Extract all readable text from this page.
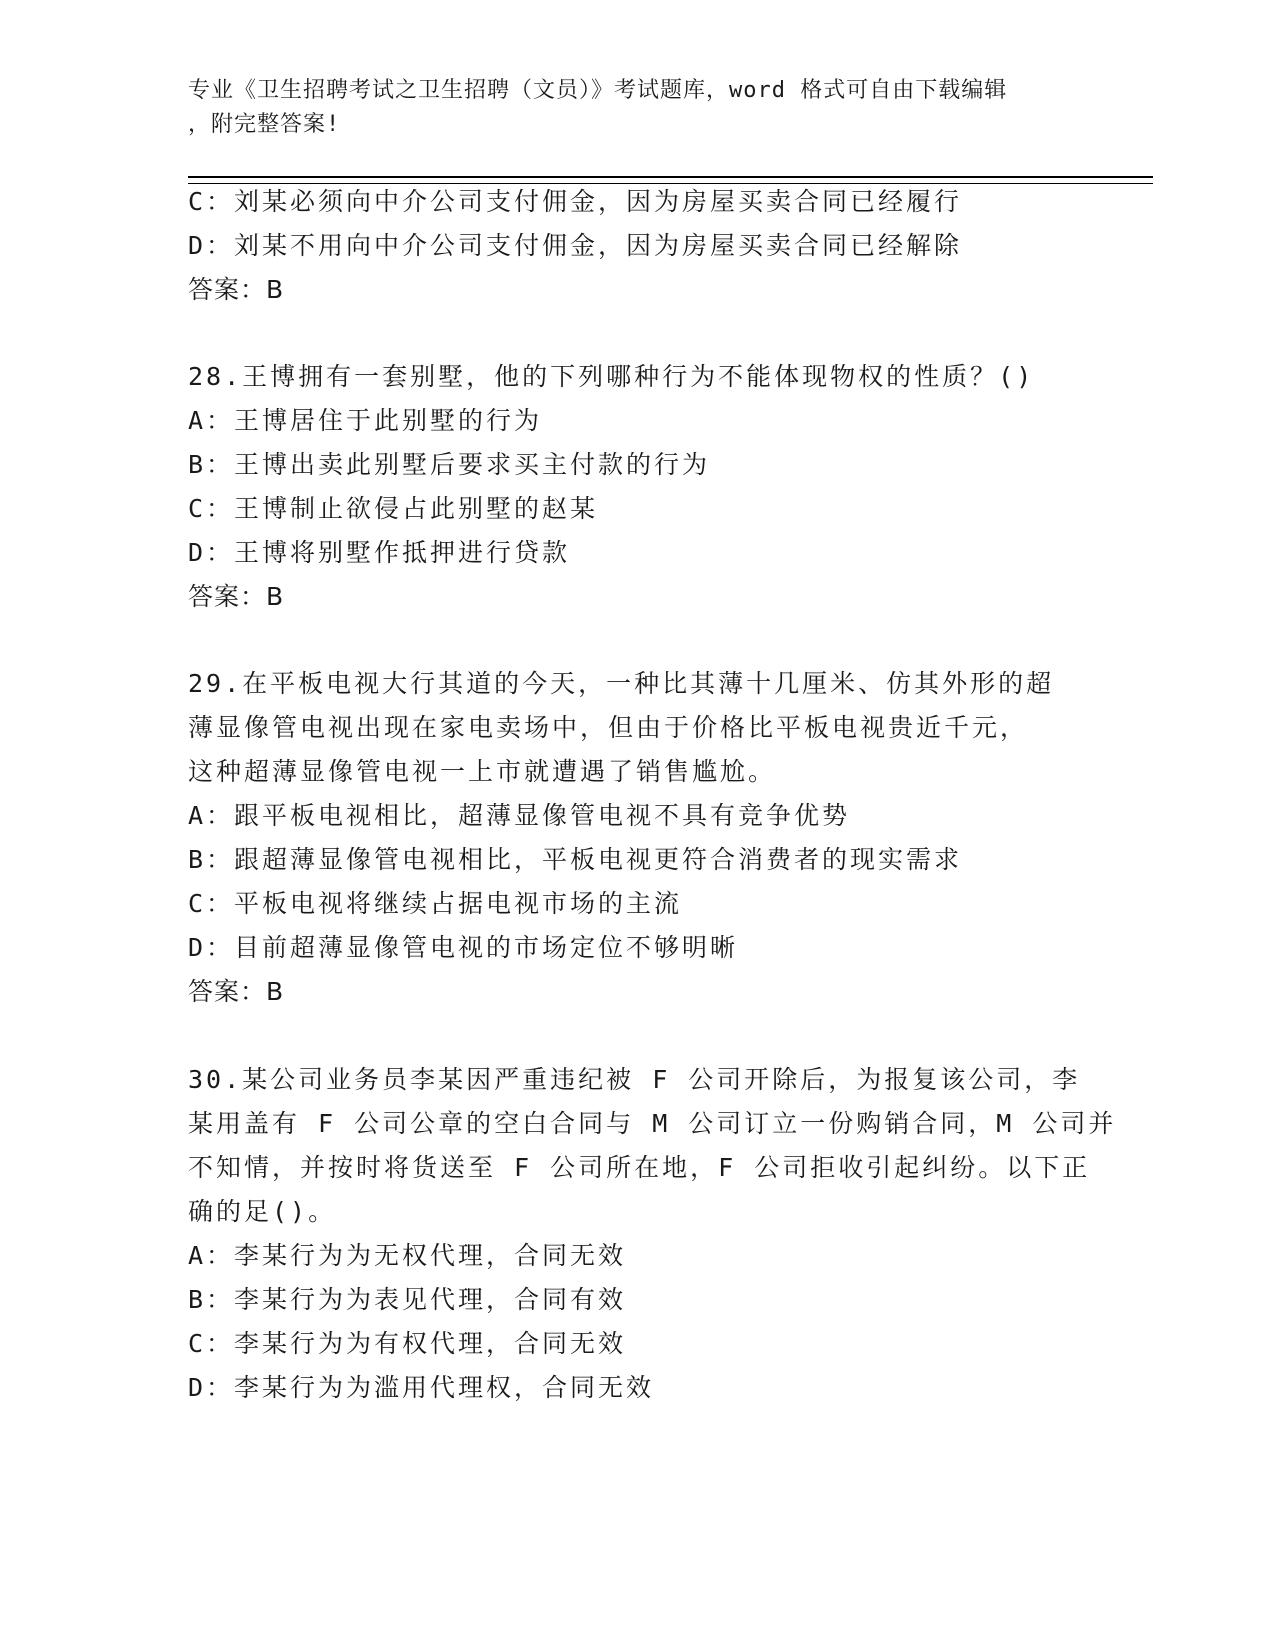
专业《卫生招聘考试之卫生招聘（文员）》考试题库，word 格式可自由下载编辑
，附完整答案!
C：刘某必须向中介公司支付佣金，因为房屋买卖合同已经履行
D：刘某不用向中介公司支付佣金，因为房屋买卖合同已经解除
答案：B
28.王博拥有一套别墅，他的下列哪种行为不能体现物权的性质？()
A：王博居住于此别墅的行为
B：王博出卖此别墅后要求买主付款的行为
C：王博制止欲侵占此别墅的赵某
D：王博将别墅作抵押进行贷款
答案：B
29.在平板电视大行其道的今天，一种比其薄十几厘米、仿其外形的超
薄显像管电视出现在家电卖场中，但由于价格比平板电视贵近千元，
这种超薄显像管电视一上市就遭遇了销售尴尬。
A：跟平板电视相比，超薄显像管电视不具有竞争优势
B：跟超薄显像管电视相比，平板电视更符合消费者的现实需求
C：平板电视将继续占据电视市场的主流
D：目前超薄显像管电视的市场定位不够明晰
答案：B
30.某公司业务员李某因严重违纪被 F 公司开除后，为报复该公司，李
某用盖有 F 公司公章的空白合同与 M 公司订立一份购销合同，M 公司并
不知情，并按时将货送至 F 公司所在地，F 公司拒收引起纠纷。以下正
确的足()。
A：李某行为为无权代理，合同无效
B：李某行为为表见代理，合同有效
C：李某行为为有权代理，合同无效
D：李某行为为滥用代理权，合同无效
